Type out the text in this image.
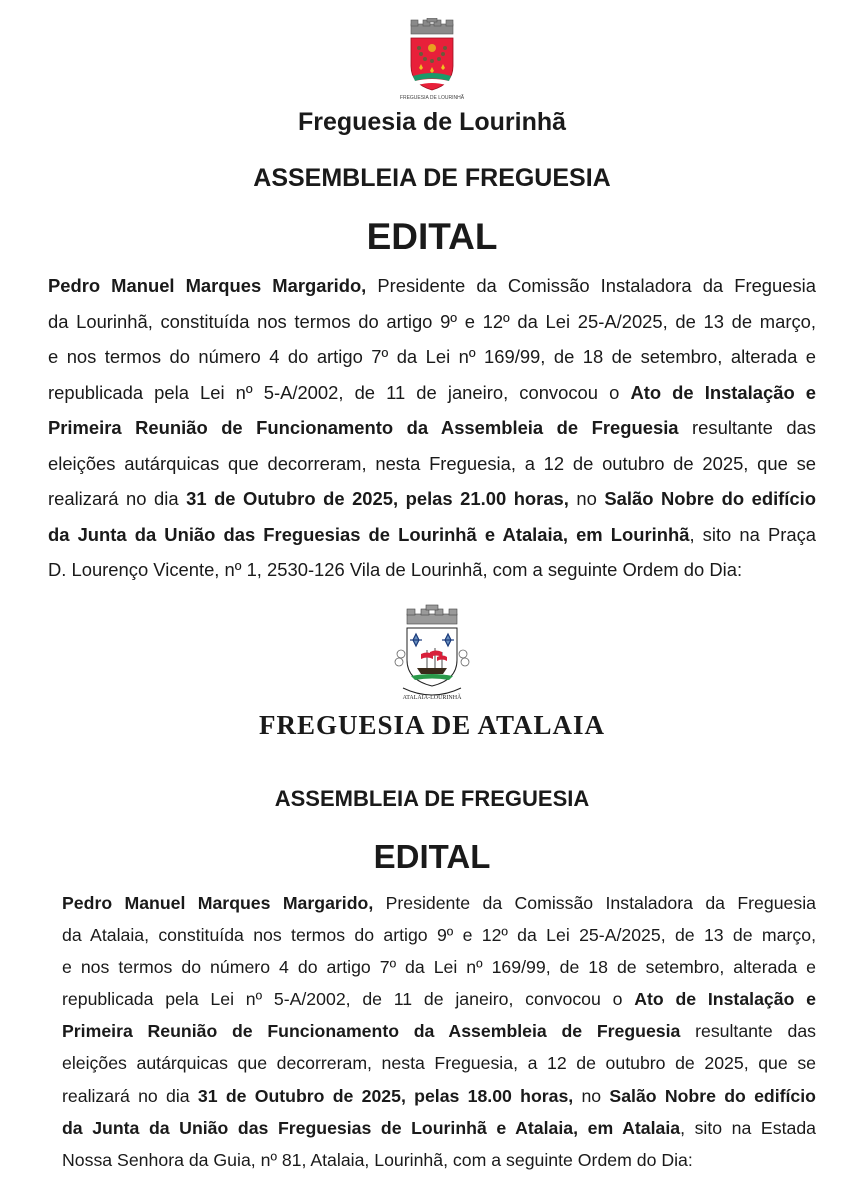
FREGUESIA DE LOURINHÃ
Freguesia de Lourinhã
ASSEMBLEIA DE FREGUESIA
EDITAL
Pedro Manuel Marques Margarido, Presidente da Comissão Instaladora da Freguesia
da Lourinhã, constituída nos termos do artigo 9º e 12º da Lei 25-A/2025, de 13 de março,
e nos termos do número 4 do artigo 7º da Lei nº 169/99, de 18 de setembro, alterada e
republicada pela Lei nº 5-A/2002, de 11 de janeiro, convocou o Ato de Instalação e
Primeira Reunião de Funcionamento da Assembleia de Freguesia resultante das
eleições autárquicas que decorreram, nesta Freguesia, a 12 de outubro de 2025, que se
realizará no dia 31 de Outubro de 2025, pelas 21.00 horas, no Salão Nobre do edifício
da Junta da União das Freguesias de Lourinhã e Atalaia, em Lourinhã, sito na Praça
D. Lourenço Vicente, nº 1, 2530-126 Vila de Lourinhã, com a seguinte Ordem do Dia:
ATALAIA-LOURINHÃ
FREGUESIA DE ATALAIA
ASSEMBLEIA DE FREGUESIA
EDITAL
Pedro Manuel Marques Margarido, Presidente da Comissão Instaladora da Freguesia
da Atalaia, constituída nos termos do artigo 9º e 12º da Lei 25-A/2025, de 13 de março,
e nos termos do número 4 do artigo 7º da Lei nº 169/99, de 18 de setembro, alterada e
republicada pela Lei nº 5-A/2002, de 11 de janeiro, convocou o Ato de Instalação e
Primeira Reunião de Funcionamento da Assembleia de Freguesia resultante das
eleições autárquicas que decorreram, nesta Freguesia, a 12 de outubro de 2025, que se
realizará no dia 31 de Outubro de 2025, pelas 18.00 horas, no Salão Nobre do edifício
da Junta da União das Freguesias de Lourinhã e Atalaia, em Atalaia, sito na Estada
Nossa Senhora da Guia, nº 81, Atalaia, Lourinhã, com a seguinte Ordem do Dia:
